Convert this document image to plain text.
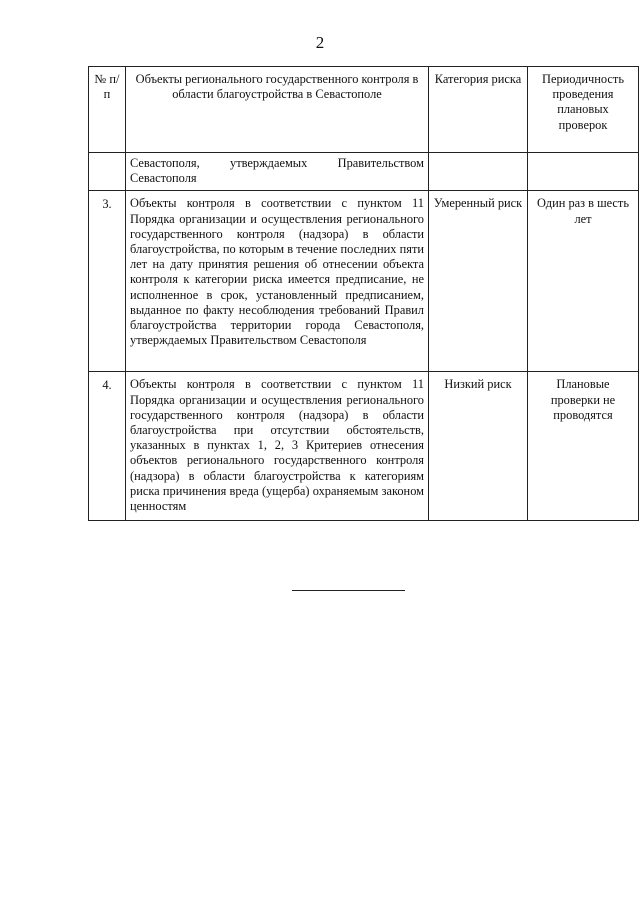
2
№ п/п	Объекты регионального государственного контроля в области благоустройства в Севастополе	Категория риска	Периодичность проведения плановых проверок
	Севастополя, утверждаемых Правительством Севастополя		
3.	Объекты контроля в соответствии с пунктом 11 Порядка организации и осуществления регионального государственного контроля (надзора) в области благоустройства, по которым в течение последних пяти лет на дату принятия решения об отнесении объекта контроля к категории риска имеется предписание, не исполненное в срок, установленный предписанием, выданное по факту несоблюдения требований Правил благоустройства территории города Севастополя, утверждаемых Правительством Севастополя	Умеренный риск	Один раз в шесть лет
4.	Объекты контроля в соответствии с пунктом 11 Порядка организации и осуществления регионального государственного контроля (надзора) в области благоустройства при отсутствии обстоятельств, указанных в пунктах 1, 2, 3 Критериев отнесения объектов регионального государственного контроля (надзора) в области благоустройства к категориям риска причинения вреда (ущерба) охраняемым законом ценностям	Низкий риск	Плановые проверки не проводятся
